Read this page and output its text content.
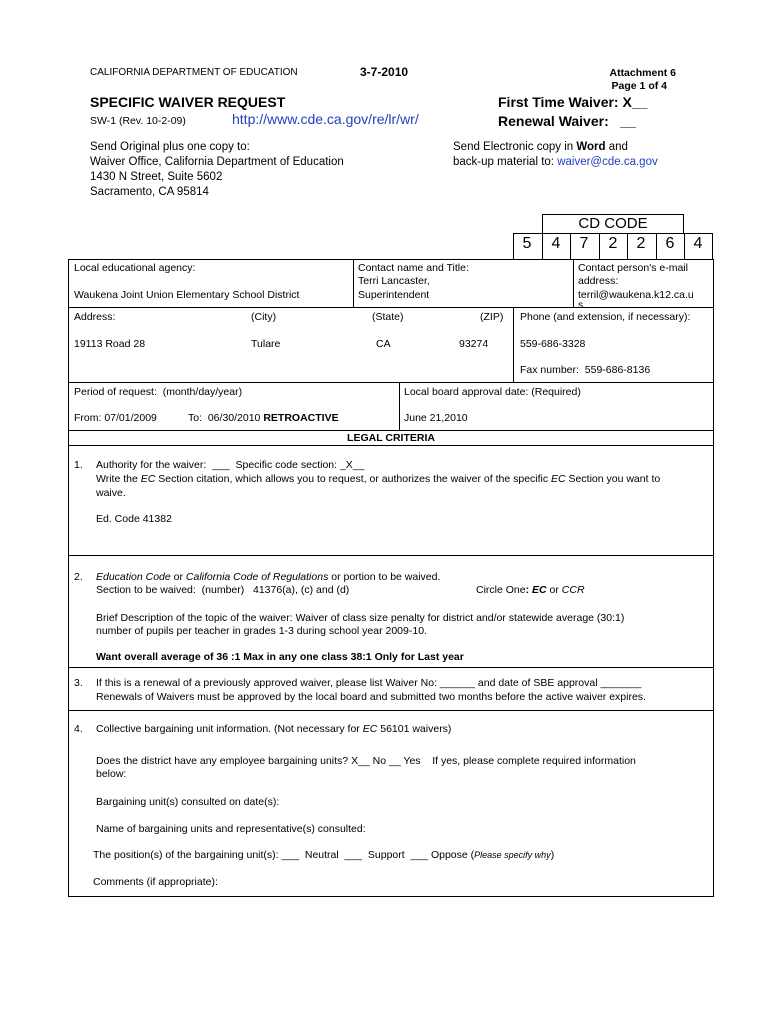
CALIFORNIA DEPARTMENT OF EDUCATION	3-7-2010	Attachment 6
Page 1 of 4
SPECIFIC WAIVER REQUEST
SW-1 (Rev. 10-2-09)	http://www.cde.ca.gov/re/lr/wr/
First Time Waiver: X__
Renewal Waiver:   __
Send Original plus one copy to:
Waiver Office, California Department of Education
1430 N Street, Suite 5602
Sacramento, CA 95814
Send Electronic copy in Word and
back-up material to: waiver@cde.ca.gov
CD CODE
5	4	7	2	2	6	4
Local educational agency:
Waukena Joint Union Elementary School District
Contact name and Title:
Terri Lancaster,
Superintendent
Contact person's e-mail
address:
terril@waukena.k12.ca.u
s
Address:	(City)	(State)	(ZIP) Phone (and extension, if necessary):
19113 Road 28	Tulare	CA	93274	559-686-3328
Fax number:  559-686-8136
Period of request:  (month/day/year)
From: 07/01/2009	To:  06/30/2010 RETROACTIVE
Local board approval date: (Required)
June 21,2010
LEGAL CRITERIA
1. Authority for the waiver:  ___  Specific code section: _X__
Write the EC Section citation, which allows you to request, or authorizes the waiver of the specific EC Section you want to
waive.
Ed. Code 41382
2. Education Code or California Code of Regulations or portion to be waived.
Section to be waived:  (number)   41376(a), (c) and (d)	Circle One: EC or CCR
Brief Description of the topic of the waiver: Waiver of class size penalty for district and/or statewide average (30:1)
number of pupils per teacher in grades 1-3 during school year 2009-10.
Want overall average of 36 :1 Max in any one class 38:1 Only for Last year
3. If this is a renewal of a previously approved waiver, please list Waiver No: ______ and date of SBE approval _______
Renewals of Waivers must be approved by the local board and submitted two months before the active waiver expires.
4. Collective bargaining unit information. (Not necessary for EC 56101 waivers)
Does the district have any employee bargaining units? X__ No __ Yes    If yes, please complete required information
below:
Bargaining unit(s) consulted on date(s):
Name of bargaining units and representative(s) consulted:
The position(s) of the bargaining unit(s): ___  Neutral  ___  Support  ___ Oppose (Please specify why)
Comments (if appropriate):
